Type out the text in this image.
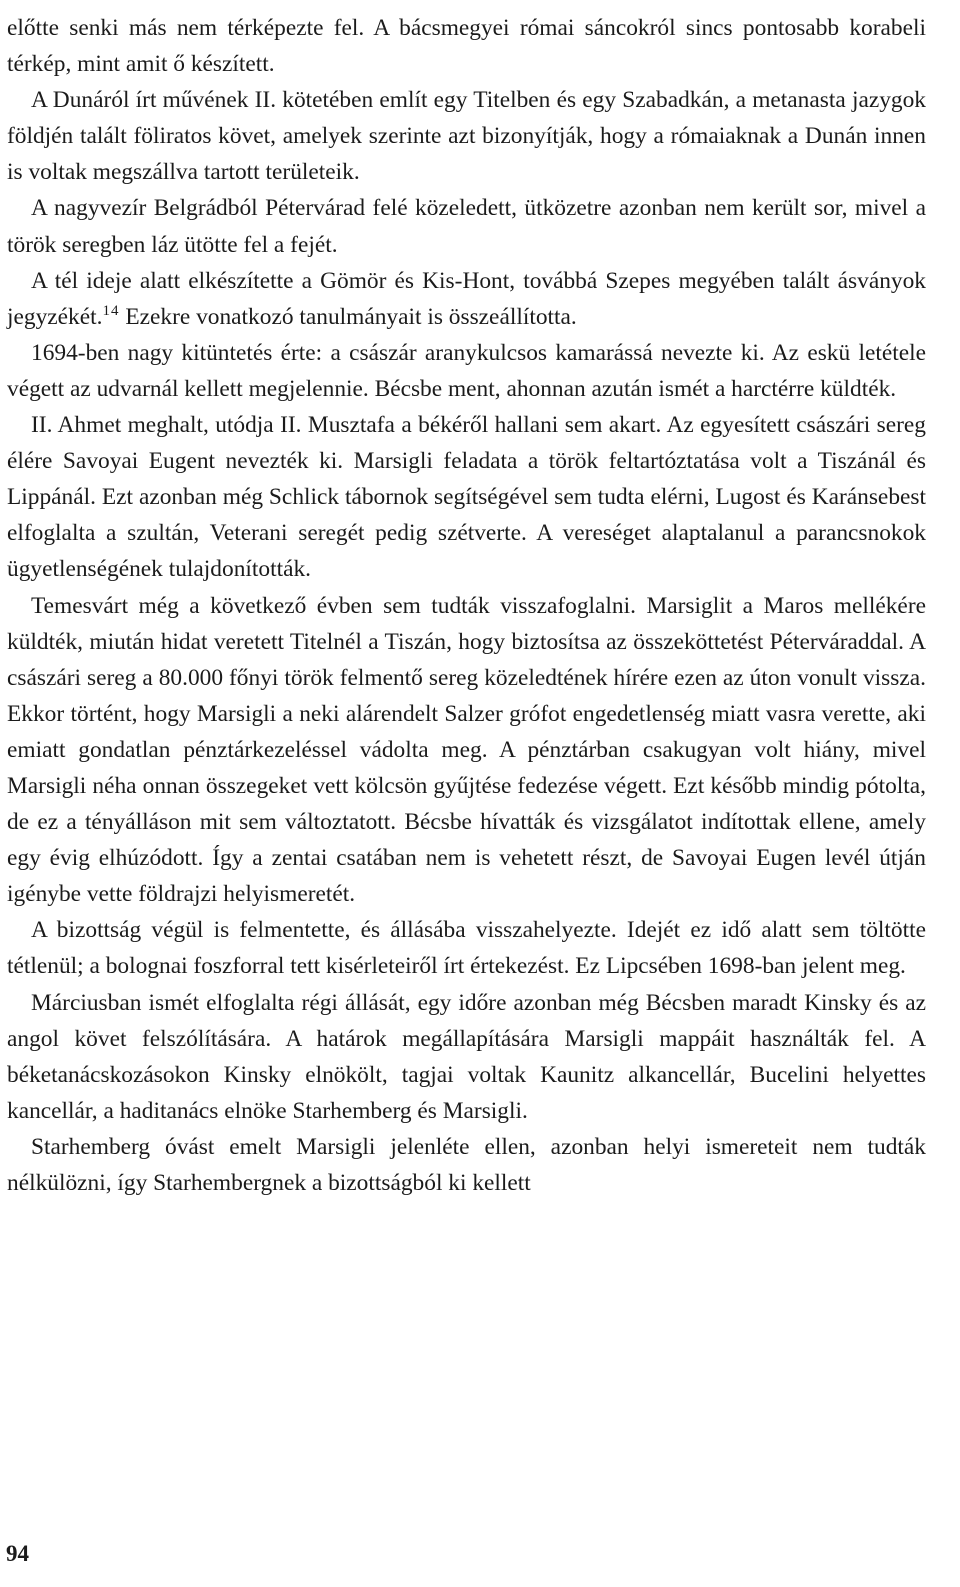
előtte senki más nem térképezte fel. A bácsmegyei római sáncokról sincs pontosabb korabeli térkép, mint amit ő készített.

A Dunáról írt művének II. kötetében említ egy Titelben és egy Szabadkán, a metanasta jazygok földjén talált föliratos követ, amelyek szerinte azt bizonyítják, hogy a rómaiaknak a Dunán innen is voltak megszállva tartott területeik.

A nagyvezír Belgrádból Pétervárad felé közeledett, ütközetre azonban nem került sor, mivel a török seregben láz ütötte fel a fejét.

A tél ideje alatt elkészítette a Gömör és Kis-Hont, továbbá Szepes megyében talált ásványok jegyzékét.$^{14}$ Ezekre vonatkozó tanulmányait is összeállította.

1694-ben nagy kitüntetés érte: a császár aranykulcsos kamarássá nevezte ki. Az eskü letétele végett az udvarnál kellett megjelennie. Bécsbe ment, ahonnan azután ismét a harctérre küldték.

II. Ahmet meghalt, utódja II. Musztafa a békéről hallani sem akart. Az egyesített császári sereg élére Savoyai Eugent nevezték ki. Marsigli feladata a török feltartóztatása volt a Tiszánál és Lippánál. Ezt azonban még Schlick tábornok segítségével sem tudta elérni, Lugost és Karánsebest elfoglalta a szultán, Veterani seregét pedig szétverte. A vereséget alaptalanul a parancsnokok ügyetlenségének tulajdonították.

Temesvárt még a következő évben sem tudták visszafoglalni. Marsiglit a Maros mellékére küldték, miután hidat veretett Titelnél a Tiszán, hogy biztosítsa az összeköttetést Péterváraddal. A császári sereg a 80.000 főnyi török felmentő sereg közeledtének hírére ezen az úton vonult vissza. Ekkor történt, hogy Marsigli a neki alárendelt Salzer grófot engedetlenség miatt vasra verette, aki emiatt gondatlan pénztárkezeléssel vádolta meg. A pénztárban csakugyan volt hiány, mivel Marsigli néha onnan összegeket vett kölcsön gyűjtése fedezése végett. Ezt később mindig pótolta, de ez a tényálláson mit sem változtatott. Bécsbe hívatták és vizsgálatot indítottak ellene, amely egy évig elhúzódott. Így a zentai csatában nem is vehetett részt, de Savoyai Eugen levél útján igénybe vette földrajzi helyismeretét.

A bizottság végül is felmentette, és állásába visszahelyezte. Idejét ez idő alatt sem töltötte tétlenül; a bolognai foszforral tett kisérleteiről írt értekezést. Ez Lipcsében 1698-ban jelent meg.

Márciusban ismét elfoglalta régi állását, egy időre azonban még Bécsben maradt Kinsky és az angol követ felszólítására. A határok megállapítására Marsigli mappáit használták fel. A béketanácskozásokon Kinsky elnökölt, tagjai voltak Kaunitz alkancellár, Bucelini helyettes kancellár, a haditanács elnöke Starhemberg és Marsigli.

Starhemberg óvást emelt Marsigli jelenléte ellen, azonban helyi ismereteit nem tudták nélkülözni, így Starhembergnek a bizottságból ki kellett

94
